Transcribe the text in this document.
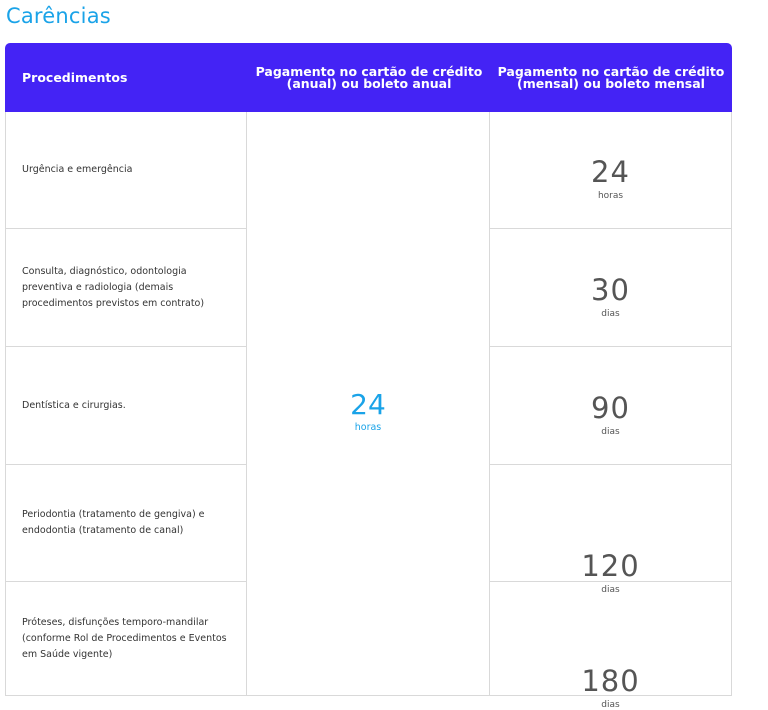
Carências
Procedimentos	Pagamento no cartão de crédito (anual) ou boleto anual
Pagamento no cartão de crédito (mensal) ou boleto mensal
Urgência e emergência
Consulta, diagnóstico, odontologia preventiva e radiologia (demais procedimentos previstos em contrato)
Dentística e cirurgias.
Periodontia (tratamento de gengiva) e endodontia (tratamento de canal)
Próteses, disfunções temporo-mandilar (conforme Rol de Procedimentos e Eventos em Saúde vigente)
24
horas
24
horas
30
dias
90
dias
120
dias
180
dias
